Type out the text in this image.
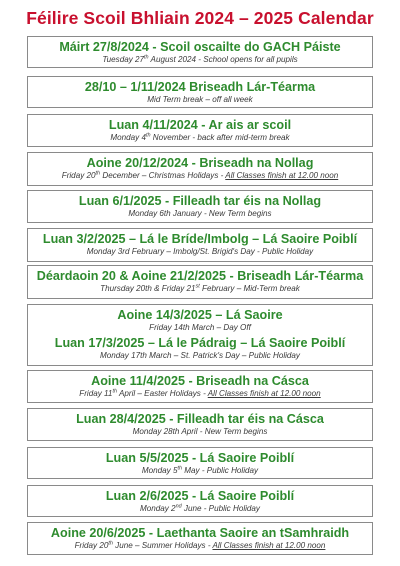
Féilire Scoil Bhliain 2024 – 2025 Calendar
Máirt 27/8/2024 - Scoil oscailte do GACH Páiste
Tuesday 27th August 2024 - School opens for all pupils
28/10 – 1/11/2024 Briseadh Lár-Téarma
Mid Term break – off all week
Luan 4/11/2024 - Ar ais ar scoil
Monday 4th November - back after mid-term break
Aoine 20/12/2024 - Briseadh na Nollag
Friday 20th December – Christmas Holidays - All Classes finish at 12.00 noon
Luan 6/1/2025 - Filleadh tar éis na Nollag
Monday 6th January - New Term begins
Luan 3/2/2025 – Lá le Bríde/Imbolg – Lá Saoire Poiblí
Monday 3rd February – Imbolg/St. Brigid's Day - Public Holiday
Déardaoin 20 & Aoine 21/2/2025 - Briseadh Lár-Téarma
Thursday 20th & Friday 21st February – Mid-Term break
Aoine 14/3/2025 – Lá Saoire
Friday 14th March – Day Off
Luan 17/3/2025 – Lá le Pádraig – Lá Saoire Poiblí
Monday 17th March – St. Patrick's Day – Public Holiday
Aoine 11/4/2025 - Briseadh na Cásca
Friday 11th April – Easter Holidays - All Classes finish at 12.00 noon
Luan 28/4/2025 - Filleadh tar éis na Cásca
Monday 28th April - New Term begins
Luan 5/5/2025 - Lá Saoire Poiblí
Monday 5th May - Public Holiday
Luan 2/6/2025 - Lá Saoire Poiblí
Monday 2nd June - Public Holiday
Aoine 20/6/2025 - Laethanta Saoire an tSamhraidh
Friday 20th June – Summer Holidays - All Classes finish at 12.00 noon
